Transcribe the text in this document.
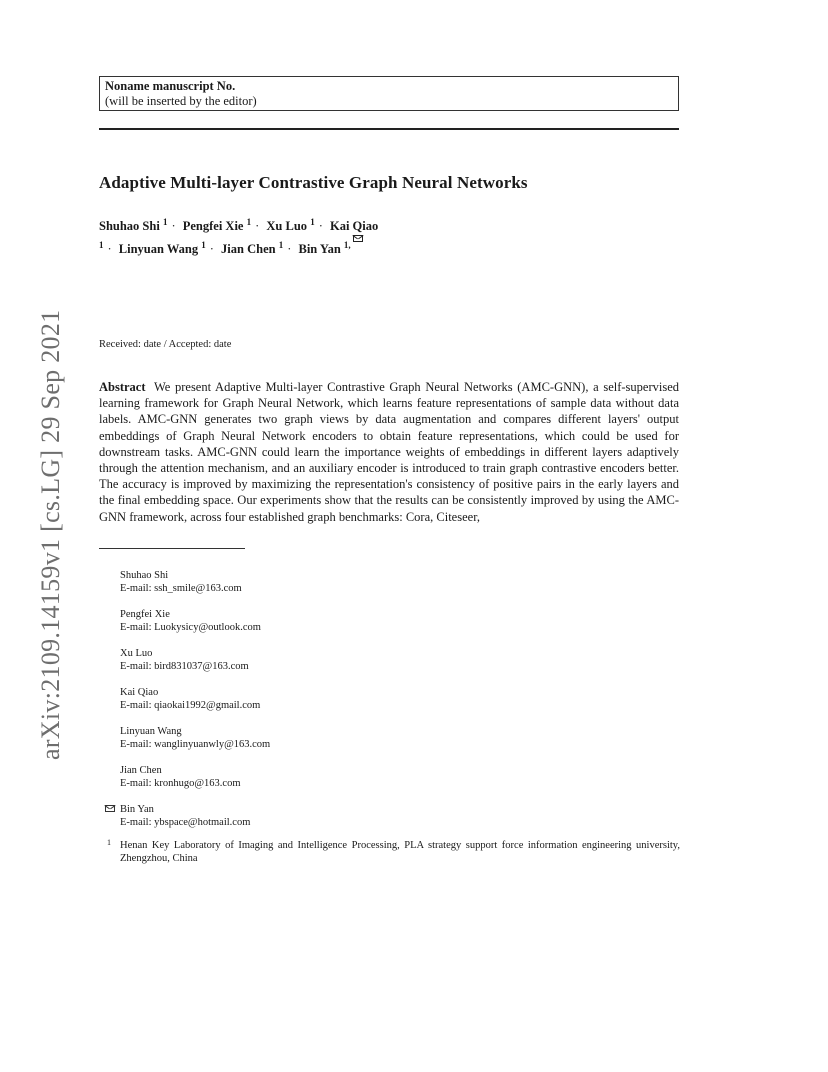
arXiv:2109.14159v1 [cs.LG] 29 Sep 2021
Noname manuscript No.
(will be inserted by the editor)
Adaptive Multi-layer Contrastive Graph Neural Networks
Shuhao Shi $^1$ · Pengfei Xie $^1$ · Xu Luo $^1$ · Kai Qiao
$^1$ · Linyuan Wang $^1$ · Jian Chen $^1$ · Bin Yan $^{1,}$
Received: date / Accepted: date
Abstract We present Adaptive Multi-layer Contrastive Graph Neural Networks (AMC-GNN), a self-supervised learning framework for Graph Neural Network, which learns feature representations of sample data without data labels. AMC-GNN generates two graph views by data augmentation and compares different layers' output embeddings of Graph Neural Network encoders to obtain feature representations, which could be used for downstream tasks. AMC-GNN could learn the importance weights of embeddings in different layers adaptively through the attention mechanism, and an auxiliary encoder is introduced to train graph contrastive encoders better. The accuracy is improved by maximizing the representation's consistency of positive pairs in the early layers and the final embedding space. Our experiments show that the results can be consistently improved by using the AMC-GNN framework, across four established graph benchmarks: Cora, Citeseer,
Shuhao Shi
E-mail: ssh_smile@163.com
Pengfei Xie
E-mail: Luokysicy@outlook.com
Xu Luo
E-mail: bird831037@163.com
Kai Qiao
E-mail: qiaokai1992@gmail.com
Linyuan Wang
E-mail: wanglinyuanwly@163.com
Jian Chen
E-mail: kronhugo@163.com
Bin Yan
E-mail: ybspace@hotmail.com
1 Henan Key Laboratory of Imaging and Intelligence Processing, PLA strategy support force information engineering university, Zhengzhou, China
